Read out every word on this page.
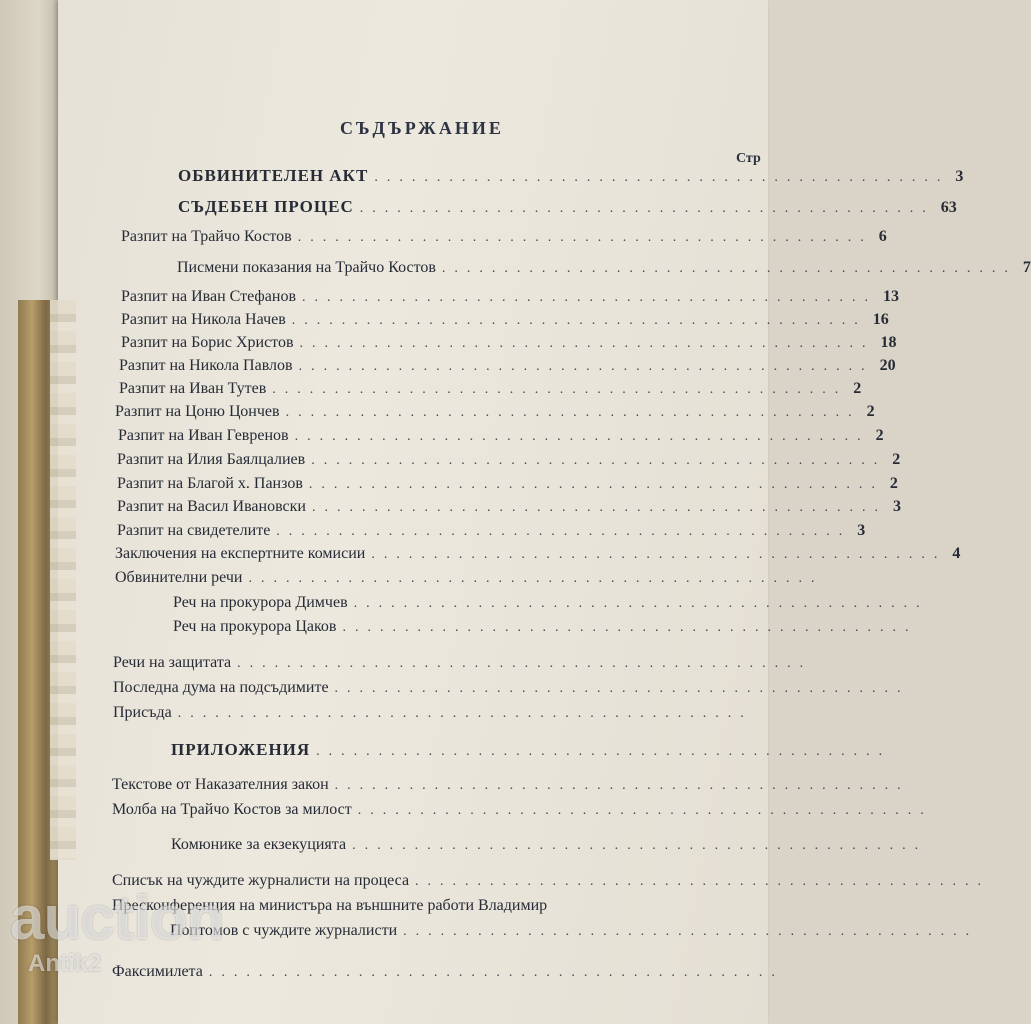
СЪДЪРЖАНИЕ
Стр
ОБВИНИТЕЛЕН АКТ .............................................. 3
СЪДЕБЕН ПРОЦЕС .............................................. 63
Разпит на Трайчо Костов .............................................. 6
Писмени показания на Трайчо Костов .............................................. 7
Разпит на Иван Стефанов .............................................. 13
Разпит на Никола Начев .............................................. 16
Разпит на Борис Христов .............................................. 18
Разпит на Никола Павлов .............................................. 20
Разпит на Иван Тутев .............................................. 2
Разпит на Цоню Цончев .............................................. 2
Разпит на Иван Гевренов .............................................. 2
Разпит на Илия Баялцалиев .............................................. 2
Разпит на Благой х. Панзов .............................................. 2
Разпит на Васил Ивановски .............................................. 3
Разпит на свидетелите .............................................. 3
Заключения на експертните комисии .............................................. 4
Обвинителни речи ..............................................
Реч на прокурора Димчев ..............................................
Реч на прокурора Цаков ..............................................
Речи на защитата ..............................................
Последна дума на подсъдимите ..............................................
Присъда ..............................................
ПРИЛОЖЕНИЯ ..............................................
Текстове от Наказателния закон ..............................................
Молба на Трайчо Костов за милост ..............................................
Комюнике за екзекуцията ..............................................
Списък на чуждите журналисти на процеса ..............................................
Пресконференция на министъра на външните работи Владимир
Поптомов с чуждите журналисти ..............................................
Факсимилета ..............................................
auction
Antik2
